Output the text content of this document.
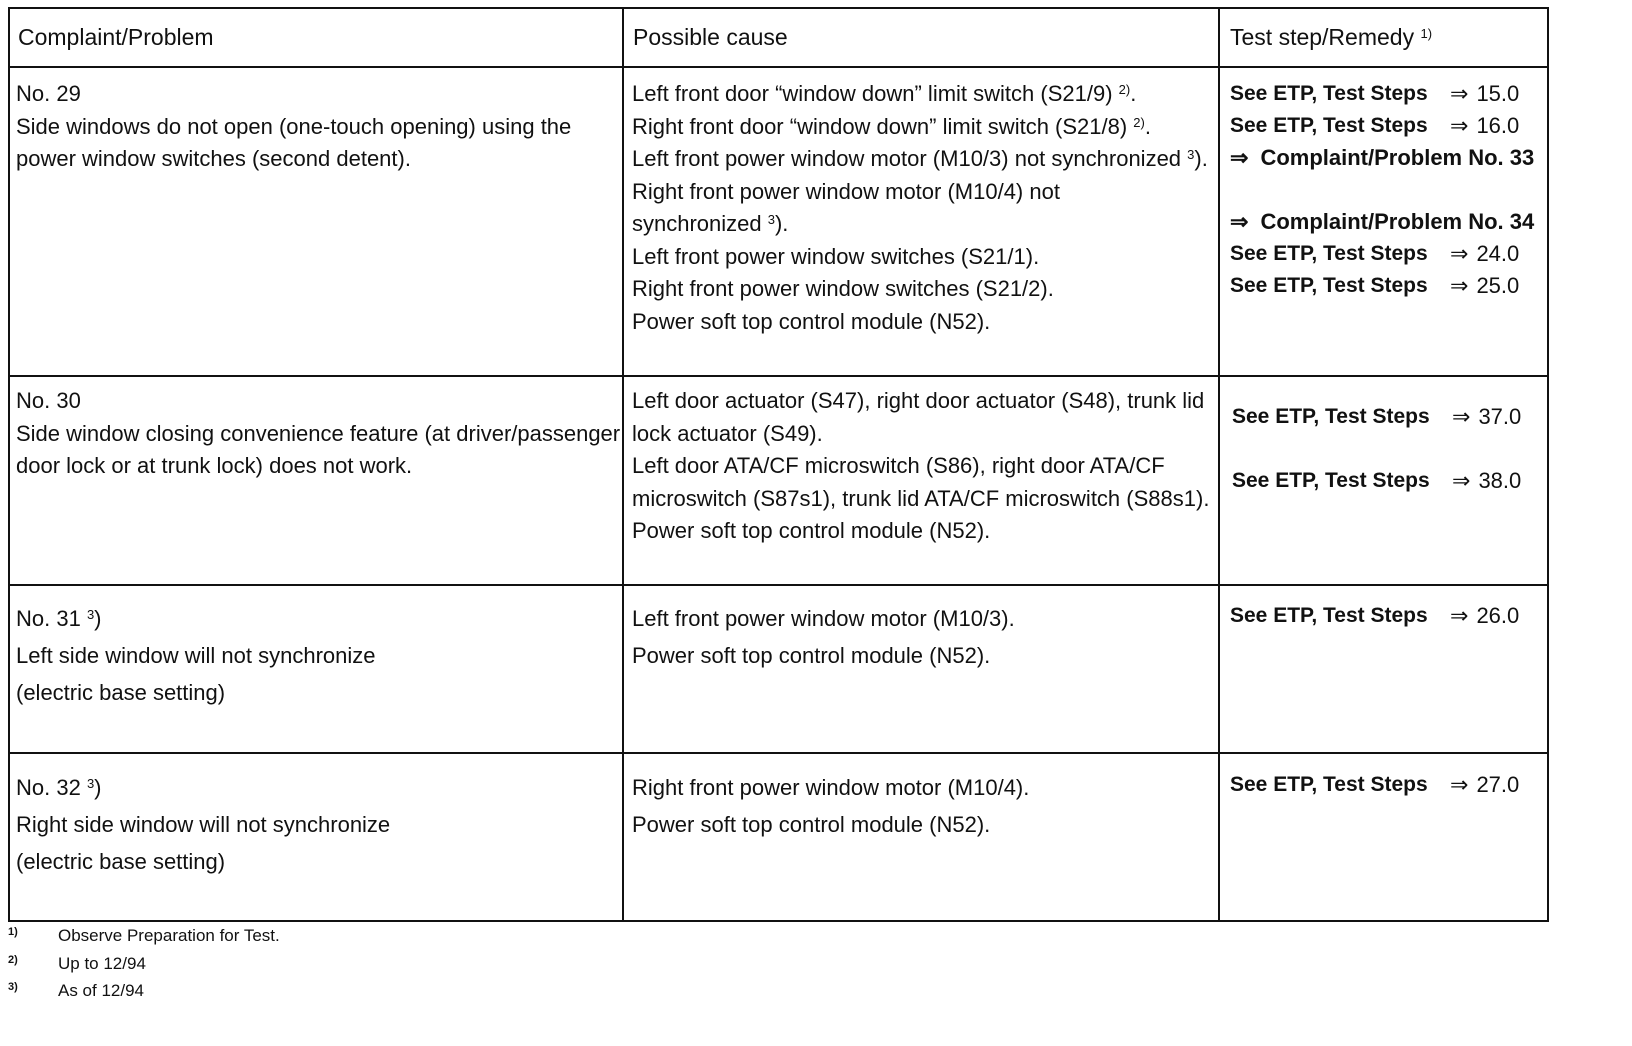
Complaint/Problem	Possible cause	Test step/Remedy $^{1)}$
No. 29
Side windows do not open (one-touch opening) using the
power window switches (second detent).
Left front door “window down” limit switch (S21/9) $^{2)}$.
Right front door “window down” limit switch (S21/8) $^{2)}$.
Left front power window motor (M10/3) not synchronized $^3$).
Right front power window motor (M10/4) not
synchronized $^3$).
Left front power window switches (S21/1).
Right front power window switches (S21/2).
Power soft top control module (N52).
See ETP, Test Steps ⇒ 15.0
See ETP, Test Steps ⇒ 16.0
⇒ Complaint/Problem No. 33
⇒ Complaint/Problem No. 34
See ETP, Test Steps ⇒ 24.0
See ETP, Test Steps ⇒ 25.0
No. 30
Side window closing convenience feature (at driver/passenger
door lock or at trunk lock) does not work.
Left door actuator (S47), right door actuator (S48), trunk lid
lock actuator (S49).
Left door ATA/CF microswitch (S86), right door ATA/CF
microswitch (S87s1), trunk lid ATA/CF microswitch (S88s1).
Power soft top control module (N52).
See ETP, Test Steps ⇒ 37.0
See ETP, Test Steps ⇒ 38.0
No. 31 $^3$)
Left side window will not synchronize
(electric base setting)
Left front power window motor (M10/3).
Power soft top control module (N52).
See ETP, Test Steps ⇒ 26.0
No. 32 $^3$)
Right side window will not synchronize
(electric base setting)
Right front power window motor (M10/4).
Power soft top control module (N52).
See ETP, Test Steps ⇒ 27.0
1) Observe Preparation for Test.
2) Up to 12/94
3) As of 12/94
